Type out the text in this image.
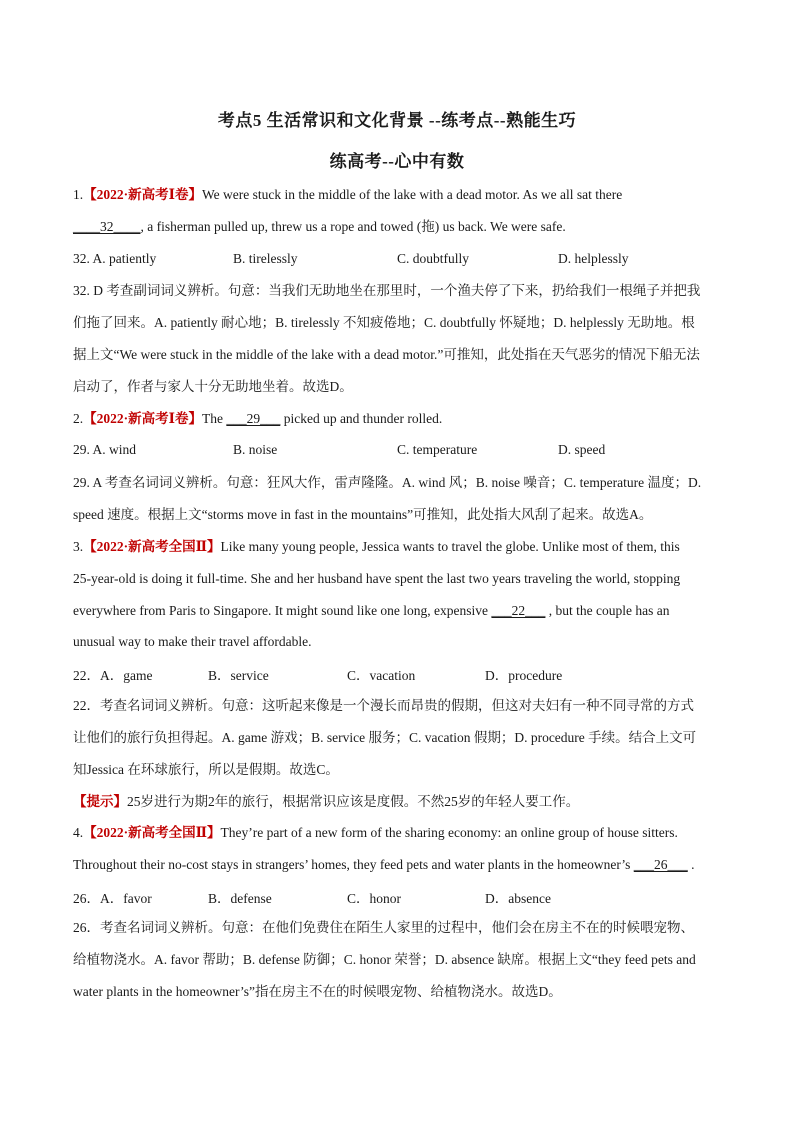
考点5 生活常识和文化背景 --练考点--熟能生巧
练高考--心中有数
1.【2022·新高考Ⅰ卷】We were stuck in the middle of the lake with a dead motor. As we all sat there
____32____, a fisherman pulled up, threw us a rope and towed (拖) us back. We were safe.
32. A. patiently	B. tirelessly	C. doubtfully	D. helplessly
32. D 考查副词词义辨析。句意：当我们无助地坐在那里时，一个渔夫停了下来，扔给我们一根绳子并把我
们拖了回来。A. patiently 耐心地；B. tirelessly 不知疲倦地；C. doubtfully 怀疑地；D. helplessly 无助地。根
据上文“We were stuck in the middle of the lake with a dead motor.”可推知，此处指在天气恶劣的情况下船无法
启动了，作者与家人十分无助地坐着。故选D。
2.【2022·新高考Ⅰ卷】The ___29___ picked up and thunder rolled.
29. A. wind	B. noise	C. temperature	D. speed
29. A 考查名词词义辨析。句意：狂风大作，雷声隆隆。A. wind 风；B. noise 噪音；C. temperature 温度；D.
speed 速度。根据上文“storms move in fast in the mountains”可推知，此处指大风刮了起来。故选A。
3.【2022·新高考全国Ⅱ】Like many young people, Jessica wants to travel the globe. Unlike most of them, this
25-year-old is doing it full-time. She and her husband have spent the last two years traveling the world, stopping
everywhere from Paris to Singapore. It might sound like one long, expensive ___22___ , but the couple has an
unusual way to make their travel affordable.
22．A．game	B．service	C．vacation	D．procedure
22．考查名词词义辨析。句意：这听起来像是一个漫长而昂贵的假期，但这对夫妇有一种不同寻常的方式
让他们的旅行负担得起。A. game 游戏；B. service 服务；C. vacation 假期；D. procedure 手续。结合上文可
知Jessica 在环球旅行，所以是假期。故选C。
【提示】25岁进行为期2年的旅行，根据常识应该是度假。不然25岁的年轻人要工作。
4.【2022·新高考全国Ⅱ】They’re part of a new form of the sharing economy: an online group of house sitters.
Throughout their no-cost stays in strangers’ homes, they feed pets and water plants in the homeowner’s ___26___ .
26．A．favor	B．defense	C．honor	D．absence
26．考查名词词义辨析。句意：在他们免费住在陌生人家里的过程中，他们会在房主不在的时候喂宠物、
给植物浇水。A. favor 帮助；B. defense 防御；C. honor 荣誉；D. absence 缺席。根据上文“they feed pets and
water plants in the homeowner’s”指在房主不在的时候喂宠物、给植物浇水。故选D。
